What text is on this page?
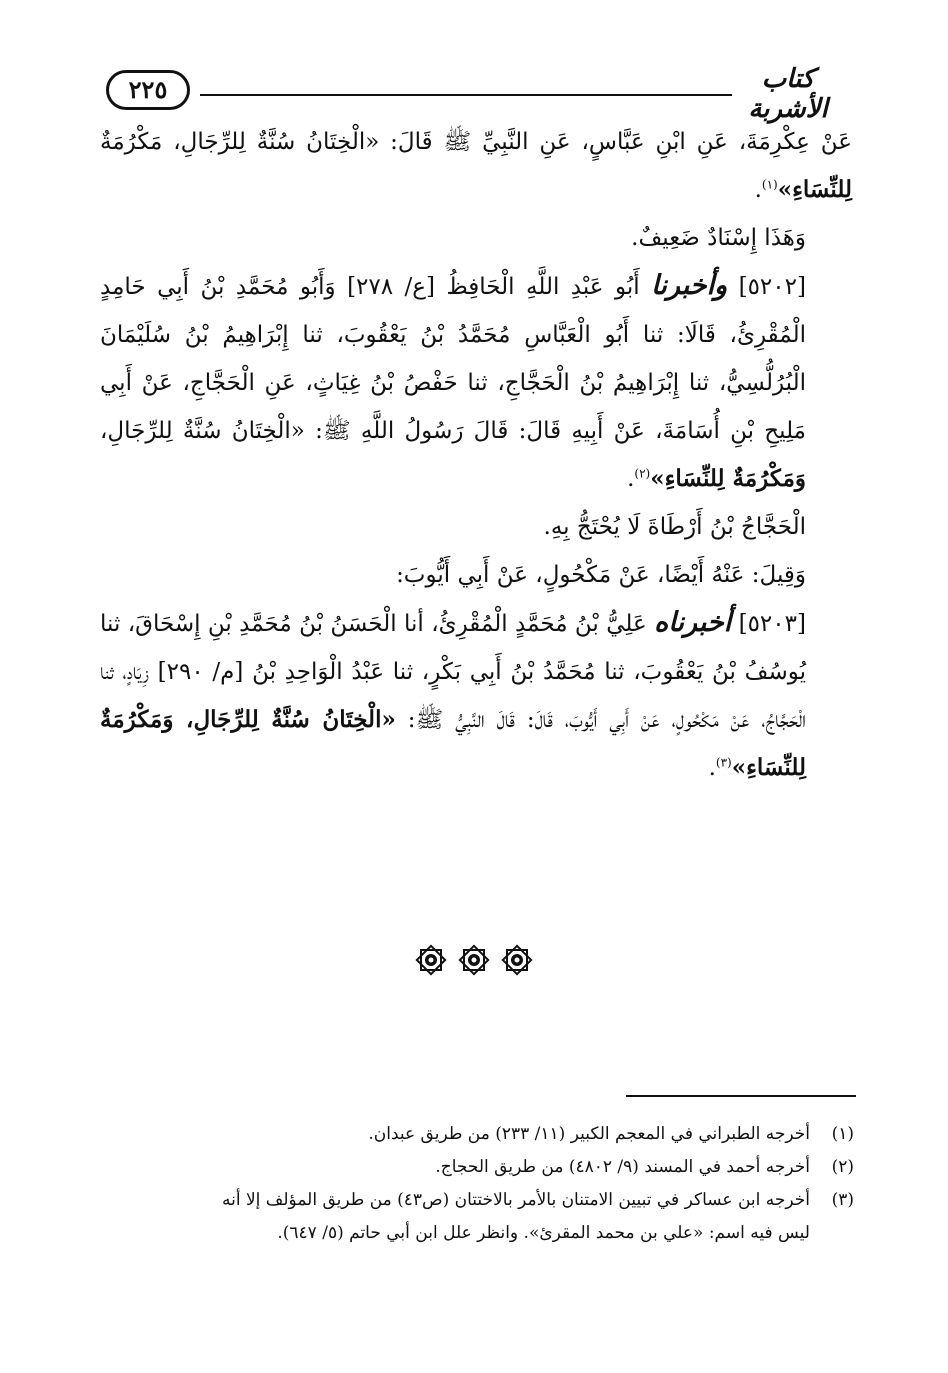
٢٢٥	كتاب الأشربة

عَنْ عِكْرِمَةَ، عَنِ ابْنِ عَبَّاسٍ، عَنِ النَّبِيِّ ﷺ قَالَ: «الْخِتَانُ سُنَّةٌ لِلرِّجَالِ، مَكْرُمَةٌ لِلنِّسَاءِ»$^{(١)}$.

وَهَذَا إِسْنَادٌ ضَعِيفٌ.

[٥٢٠٢] وأخبرنا أَبُو عَبْدِ اللَّهِ الْحَافِظُ [ع/ ٢٧٨] وَأَبُو مُحَمَّدِ بْنُ أَبِي حَامِدٍ الْمُقْرِئُ، قَالَا: ثنا أَبُو الْعَبَّاسِ مُحَمَّدُ بْنُ يَعْقُوبَ، ثنا إِبْرَاهِيمُ بْنُ سُلَيْمَانَ الْبُرُلُّسِيُّ، ثنا إِبْرَاهِيمُ بْنُ الْحَجَّاجِ، ثنا حَفْصُ بْنُ غِيَاثٍ، عَنِ الْحَجَّاجِ، عَنْ أَبِي مَلِيحِ بْنِ أُسَامَةَ، عَنْ أَبِيهِ قَالَ: قَالَ رَسُولُ اللَّهِ ﷺ: «الْخِتَانُ سُنَّةٌ لِلرِّجَالِ، وَمَكْرُمَةٌ لِلنِّسَاءِ»$^{(٢)}$.

الْحَجَّاجُ بْنُ أَرْطَاةَ لَا يُحْتَجُّ بِهِ.

وَقِيلَ: عَنْهُ أَيْضًا، عَنْ مَكْحُولٍ، عَنْ أَبِي أَيُّوبَ:

[٥٢٠٣] أخبرناه عَلِيُّ بْنُ مُحَمَّدٍ الْمُقْرِئُ، أنا الْحَسَنُ بْنُ مُحَمَّدِ بْنِ إِسْحَاقَ، ثنا يُوسُفُ بْنُ يَعْقُوبَ، ثنا مُحَمَّدُ بْنُ أَبِي بَكْرٍ، ثنا عَبْدُ الْوَاحِدِ بْنُ [م/ ٢٩٠] زِيَادٍ، ثنا الْحَجَّاجُ، عَنْ مَكْحُولٍ، عَنْ أَبِي أَيُّوبَ، قَالَ: قَالَ النَّبِيُّ ﷺ: «الْخِتَانُ سُنَّةٌ لِلرِّجَالِ، وَمَكْرُمَةٌ لِلنِّسَاءِ»$^{(٣)}$.

(١)
أخرجه الطبراني في المعجم الكبير (١١/ ٢٣٣) من طريق عبدان.
(٢)
أخرجه أحمد في المسند (٩/ ٤٨٠٢) من طريق الحجاج.
(٣)
أخرجه ابن عساكر في تبيين الامتنان بالأمر بالاختتان (ص٤٣) من طريق المؤلف إلا أنه
ليس فيه اسم: «علي بن محمد المقرئ». وانظر علل ابن أبي حاتم (٥/ ٦٤٧).
